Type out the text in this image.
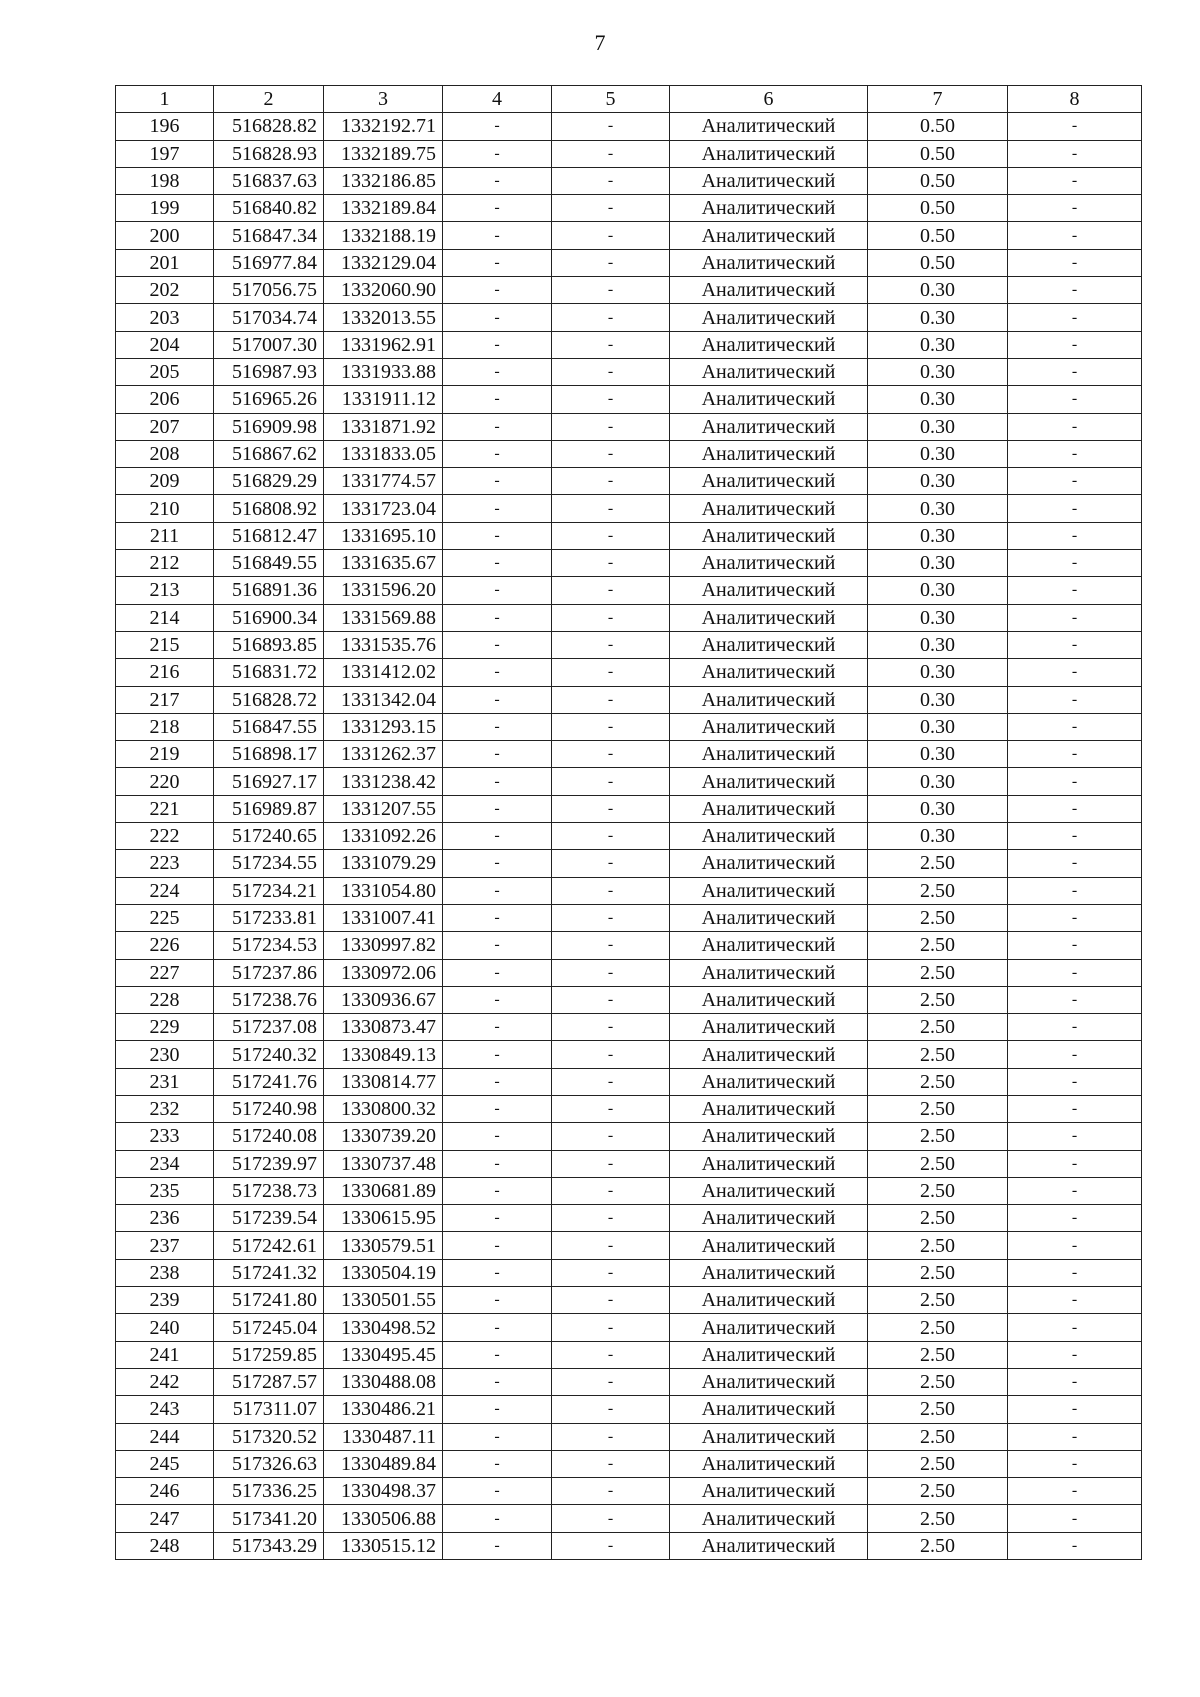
7
1	2	3	4	5	6	7	8
196	516828.82	1332192.71	-	-	Аналитический	0.50	-
197	516828.93	1332189.75	-	-	Аналитический	0.50	-
198	516837.63	1332186.85	-	-	Аналитический	0.50	-
199	516840.82	1332189.84	-	-	Аналитический	0.50	-
200	516847.34	1332188.19	-	-	Аналитический	0.50	-
201	516977.84	1332129.04	-	-	Аналитический	0.50	-
202	517056.75	1332060.90	-	-	Аналитический	0.30	-
203	517034.74	1332013.55	-	-	Аналитический	0.30	-
204	517007.30	1331962.91	-	-	Аналитический	0.30	-
205	516987.93	1331933.88	-	-	Аналитический	0.30	-
206	516965.26	1331911.12	-	-	Аналитический	0.30	-
207	516909.98	1331871.92	-	-	Аналитический	0.30	-
208	516867.62	1331833.05	-	-	Аналитический	0.30	-
209	516829.29	1331774.57	-	-	Аналитический	0.30	-
210	516808.92	1331723.04	-	-	Аналитический	0.30	-
211	516812.47	1331695.10	-	-	Аналитический	0.30	-
212	516849.55	1331635.67	-	-	Аналитический	0.30	-
213	516891.36	1331596.20	-	-	Аналитический	0.30	-
214	516900.34	1331569.88	-	-	Аналитический	0.30	-
215	516893.85	1331535.76	-	-	Аналитический	0.30	-
216	516831.72	1331412.02	-	-	Аналитический	0.30	-
217	516828.72	1331342.04	-	-	Аналитический	0.30	-
218	516847.55	1331293.15	-	-	Аналитический	0.30	-
219	516898.17	1331262.37	-	-	Аналитический	0.30	-
220	516927.17	1331238.42	-	-	Аналитический	0.30	-
221	516989.87	1331207.55	-	-	Аналитический	0.30	-
222	517240.65	1331092.26	-	-	Аналитический	0.30	-
223	517234.55	1331079.29	-	-	Аналитический	2.50	-
224	517234.21	1331054.80	-	-	Аналитический	2.50	-
225	517233.81	1331007.41	-	-	Аналитический	2.50	-
226	517234.53	1330997.82	-	-	Аналитический	2.50	-
227	517237.86	1330972.06	-	-	Аналитический	2.50	-
228	517238.76	1330936.67	-	-	Аналитический	2.50	-
229	517237.08	1330873.47	-	-	Аналитический	2.50	-
230	517240.32	1330849.13	-	-	Аналитический	2.50	-
231	517241.76	1330814.77	-	-	Аналитический	2.50	-
232	517240.98	1330800.32	-	-	Аналитический	2.50	-
233	517240.08	1330739.20	-	-	Аналитический	2.50	-
234	517239.97	1330737.48	-	-	Аналитический	2.50	-
235	517238.73	1330681.89	-	-	Аналитический	2.50	-
236	517239.54	1330615.95	-	-	Аналитический	2.50	-
237	517242.61	1330579.51	-	-	Аналитический	2.50	-
238	517241.32	1330504.19	-	-	Аналитический	2.50	-
239	517241.80	1330501.55	-	-	Аналитический	2.50	-
240	517245.04	1330498.52	-	-	Аналитический	2.50	-
241	517259.85	1330495.45	-	-	Аналитический	2.50	-
242	517287.57	1330488.08	-	-	Аналитический	2.50	-
243	517311.07	1330486.21	-	-	Аналитический	2.50	-
244	517320.52	1330487.11	-	-	Аналитический	2.50	-
245	517326.63	1330489.84	-	-	Аналитический	2.50	-
246	517336.25	1330498.37	-	-	Аналитический	2.50	-
247	517341.20	1330506.88	-	-	Аналитический	2.50	-
248	517343.29	1330515.12	-	-	Аналитический	2.50	-
